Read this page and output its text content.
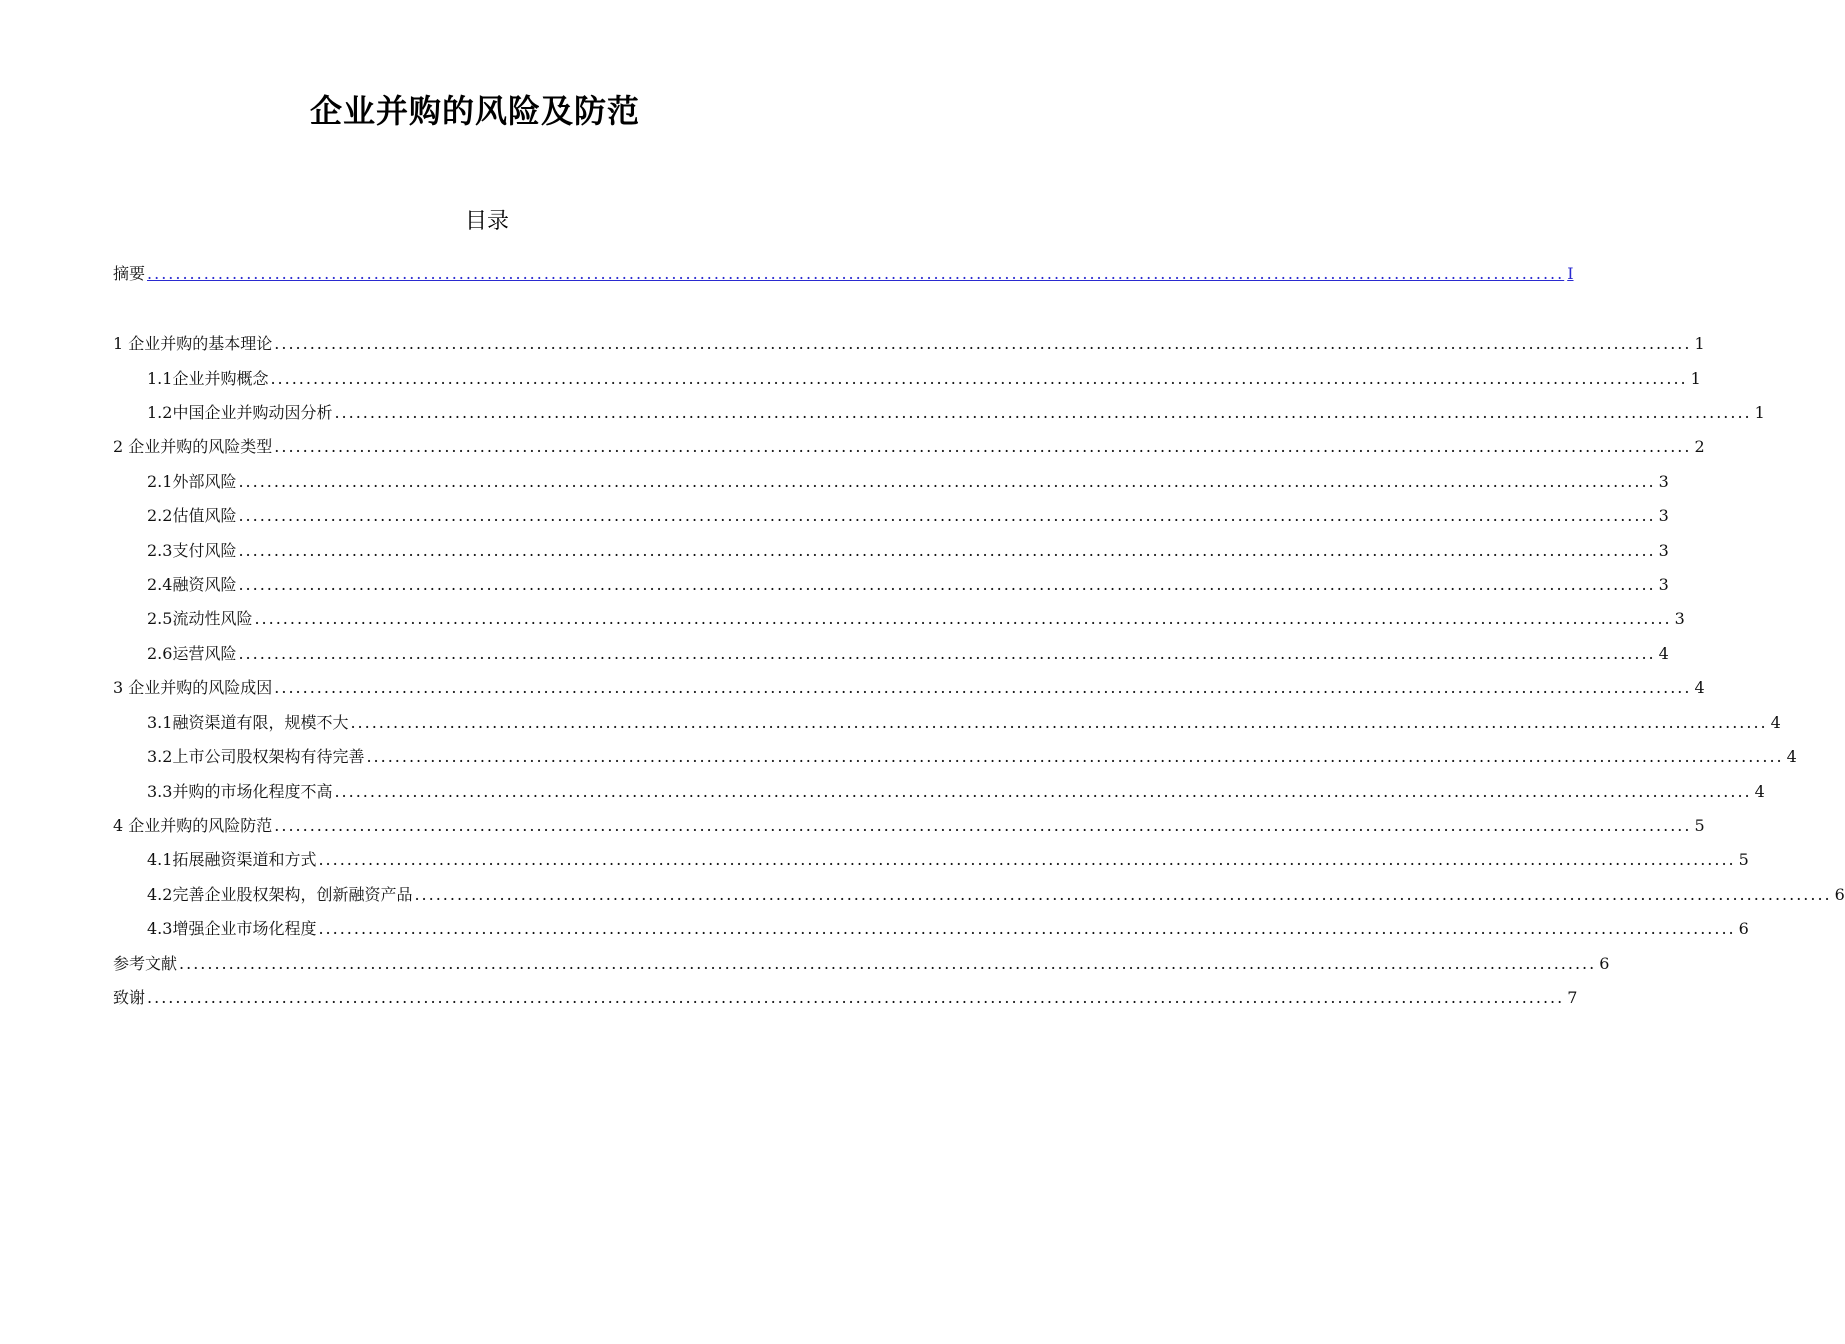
企业并购的风险及防范
目录
摘要 ........................................................................................................................................................................................................ I
1 企业并购的基本理论 ........................................................................................................................................................................................................ 1
1.1企业并购概念 ........................................................................................................................................................................................................ 1
1.2中国企业并购动因分析 ........................................................................................................................................................................................................ 1
2 企业并购的风险类型 ........................................................................................................................................................................................................ 2
2.1外部风险 ........................................................................................................................................................................................................ 3
2.2估值风险 ........................................................................................................................................................................................................ 3
2.3支付风险 ........................................................................................................................................................................................................ 3
2.4融资风险 ........................................................................................................................................................................................................ 3
2.5流动性风险 ........................................................................................................................................................................................................ 3
2.6运营风险 ........................................................................................................................................................................................................ 4
3 企业并购的风险成因 ........................................................................................................................................................................................................ 4
3.1融资渠道有限，规模不大 ........................................................................................................................................................................................................ 4
3.2上市公司股权架构有待完善 ........................................................................................................................................................................................................ 4
3.3并购的市场化程度不高 ........................................................................................................................................................................................................ 4
4 企业并购的风险防范 ........................................................................................................................................................................................................ 5
4.1拓展融资渠道和方式 ........................................................................................................................................................................................................ 5
4.2完善企业股权架构，创新融资产品 ........................................................................................................................................................................................................ 6
4.3增强企业市场化程度 ........................................................................................................................................................................................................ 6
参考文献 ........................................................................................................................................................................................................ 6
致谢 ........................................................................................................................................................................................................ 7
